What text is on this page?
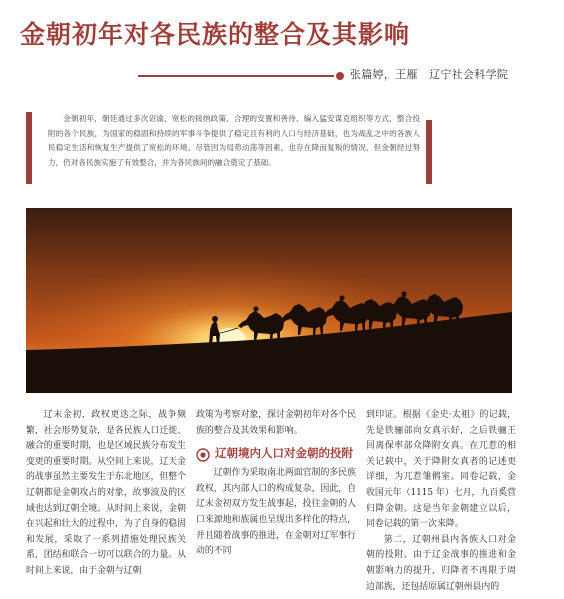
金朝初年对各民族的整合及其影响
张篇婷，王雁　辽宁社会科学院

金朝初年，朝廷通过多次诏谕、宽松的接纳政策、合理的安置和善待、编入猛安谋克组织等方式，整合投附的各个民族，为国家的稳固和持续的军事斗争提供了稳定且有利的人口与经济基础，也为战乱之中的各族人民稳定生活和恢复生产提供了宽松的环境。尽管因为局势动荡等因素，也存在降而复叛的情况，但金朝经过努力，仍对各民族实施了有效整合，并为各民族间的融合奠定了基础。

辽末金初，政权更迭之际，战争频繁，社会形势复杂，是各民族人口迁徙、融合的重要时期，也是区域民族分布发生变更的重要时期。从空间上来说，辽天金的战事虽然主要发生于东北地区，但整个辽朝都是金朝攻占的对象，故事波及的区域也达到辽朝全境。从时间上来说，金朝在兴起和壮大的过程中，为了自身的稳固和发展，采取了一系列措施处理民族关系，团结和联合一切可以联合的力量。从时间上来说，由于金朝与辽朝

政策为考察对象，探讨金朝初年对各个民族的整合及其效果和影响。

辽朝境内人口对金朝的投附

辽朝作为采取南北两面官制的多民族政权，其内部人口的构成复杂，因此，自辽末金初双方发生战事起，投往金朝的人口来源地和族属也呈现出多样化的特点，并且随着战事的推进，在金朝对辽军事行动的不同

到印证。根据《金史·太祖》的记载，先是铁骊部向女真示好，之后铁骊王回离保率部众降附女真。在兀惹的相关记载中，关于降附女真者的记述更详细，为兀惹雏鹘室。同卷记载，金收国元年（1115 年）七月，九百奚营归降金朝。这是当年金朝建立以后，同卷记载的第一次来降。

第二，辽朝州县内各族人口对金朝的投附。由于辽金战事的推进和金朝影响力的提升，归降者不再限于周边部族，还包括原属辽朝州县内的
